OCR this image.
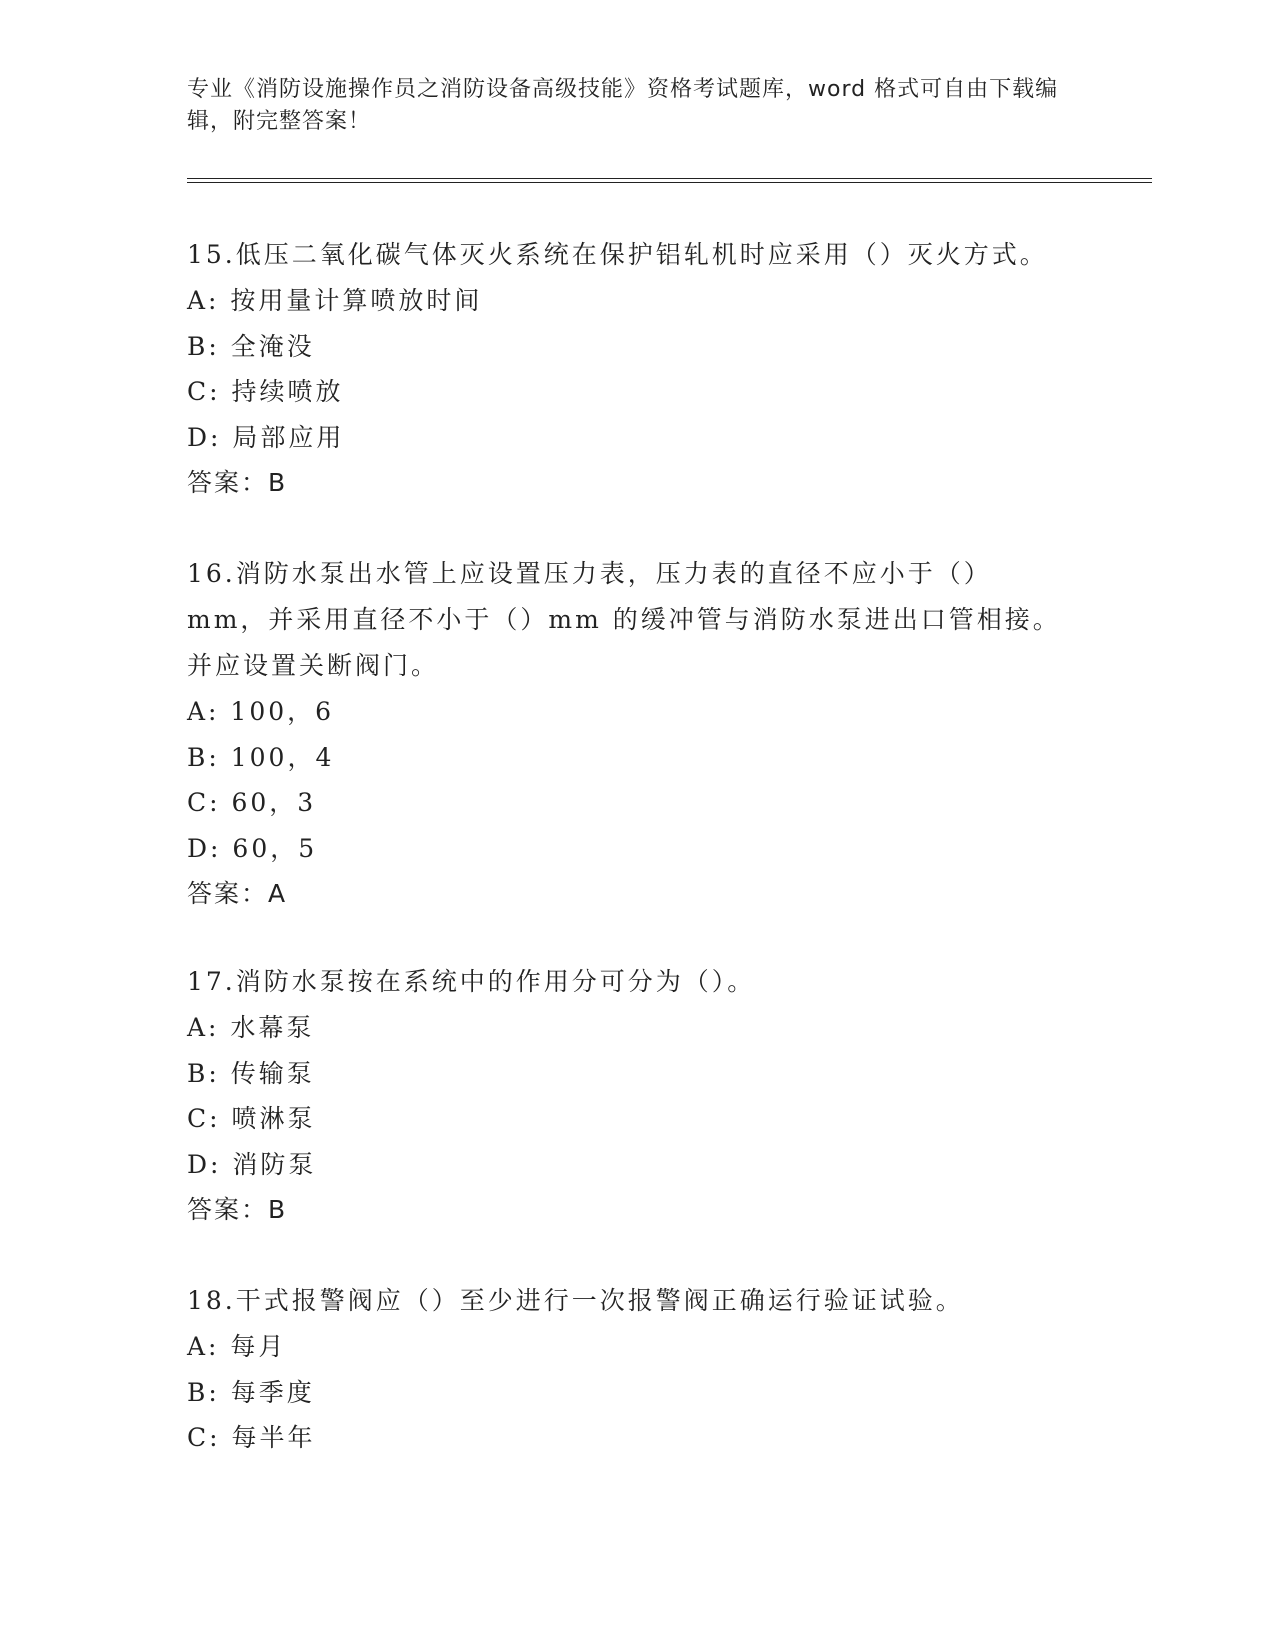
专业《消防设施操作员之消防设备高级技能》资格考试题库，word 格式可自由下载编辑，附完整答案！

15.低压二氧化碳气体灭火系统在保护铝轧机时应采用（）灭火方式。

A: 按用量计算喷放时间

B: 全淹没

C: 持续喷放

D: 局部应用

答案：B

16.消防水泵出水管上应设置压力表，压力表的直径不应小于（）mm，并采用直径不小于（）mm 的缓冲管与消防水泵进出口管相接。并应设置关断阀门。

A: 100，6

B: 100，4

C: 60，3

D: 60，5

答案：A

17.消防水泵按在系统中的作用分可分为（）。

A: 水幕泵

B: 传输泵

C: 喷淋泵

D: 消防泵

答案：B

18.干式报警阀应（）至少进行一次报警阀正确运行验证试验。

A: 每月

B: 每季度

C: 每半年
